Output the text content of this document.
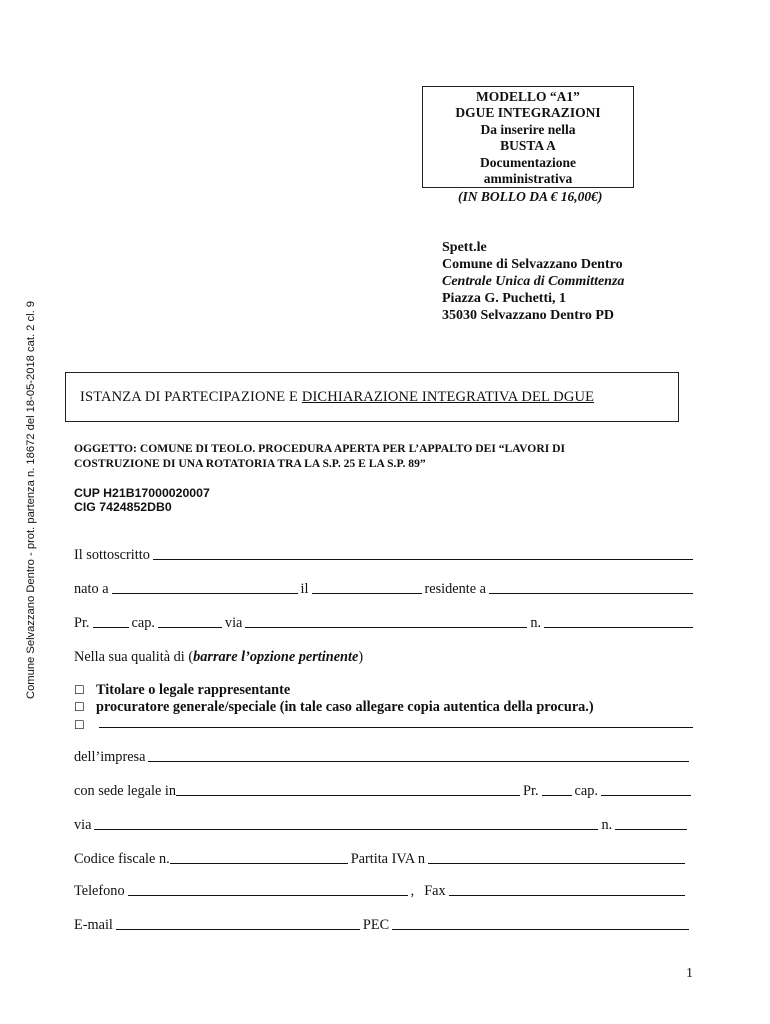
MODELLO “A1”
DGUE INTEGRAZIONI
Da inserire nella
BUSTA A
Documentazione
amministrativa
(IN BOLLO DA € 16,00€)
Spett.le
Comune di Selvazzano Dentro
Centrale Unica di Committenza
Piazza G. Puchetti, 1
35030 Selvazzano Dentro PD
Comune Selvazzano Dentro - prot. partenza n. 18672 del 18-05-2018 cat. 2 cl. 9	ISTANZA DI PARTECIPAZIONE E DICHIARAZIONE INTEGRATIVA DEL DGUE
OGGETTO: COMUNE DI TEOLO. PROCEDURA APERTA PER L’APPALTO DEI “LAVORI DI
COSTRUZIONE DI UNA ROTATORIA TRA LA S.P. 25 E LA S.P. 89”
CUP H21B17000020007
CIG 7424852DB0
Il sottoscritto
nato a	il	residente a
Pr.	cap.	via	n.
Nella sua qualità di (barrare l’opzione pertinente)
☐ Titolare o legale rappresentante
☐ procuratore generale/speciale (in tale caso allegare copia autentica della procura.)
☐
dell’impresa
con sede legale in	Pr.	cap.
via	n.
Codice fiscale n.	Partita IVA n
Telefono	, Fax
E-mail	PEC
1
